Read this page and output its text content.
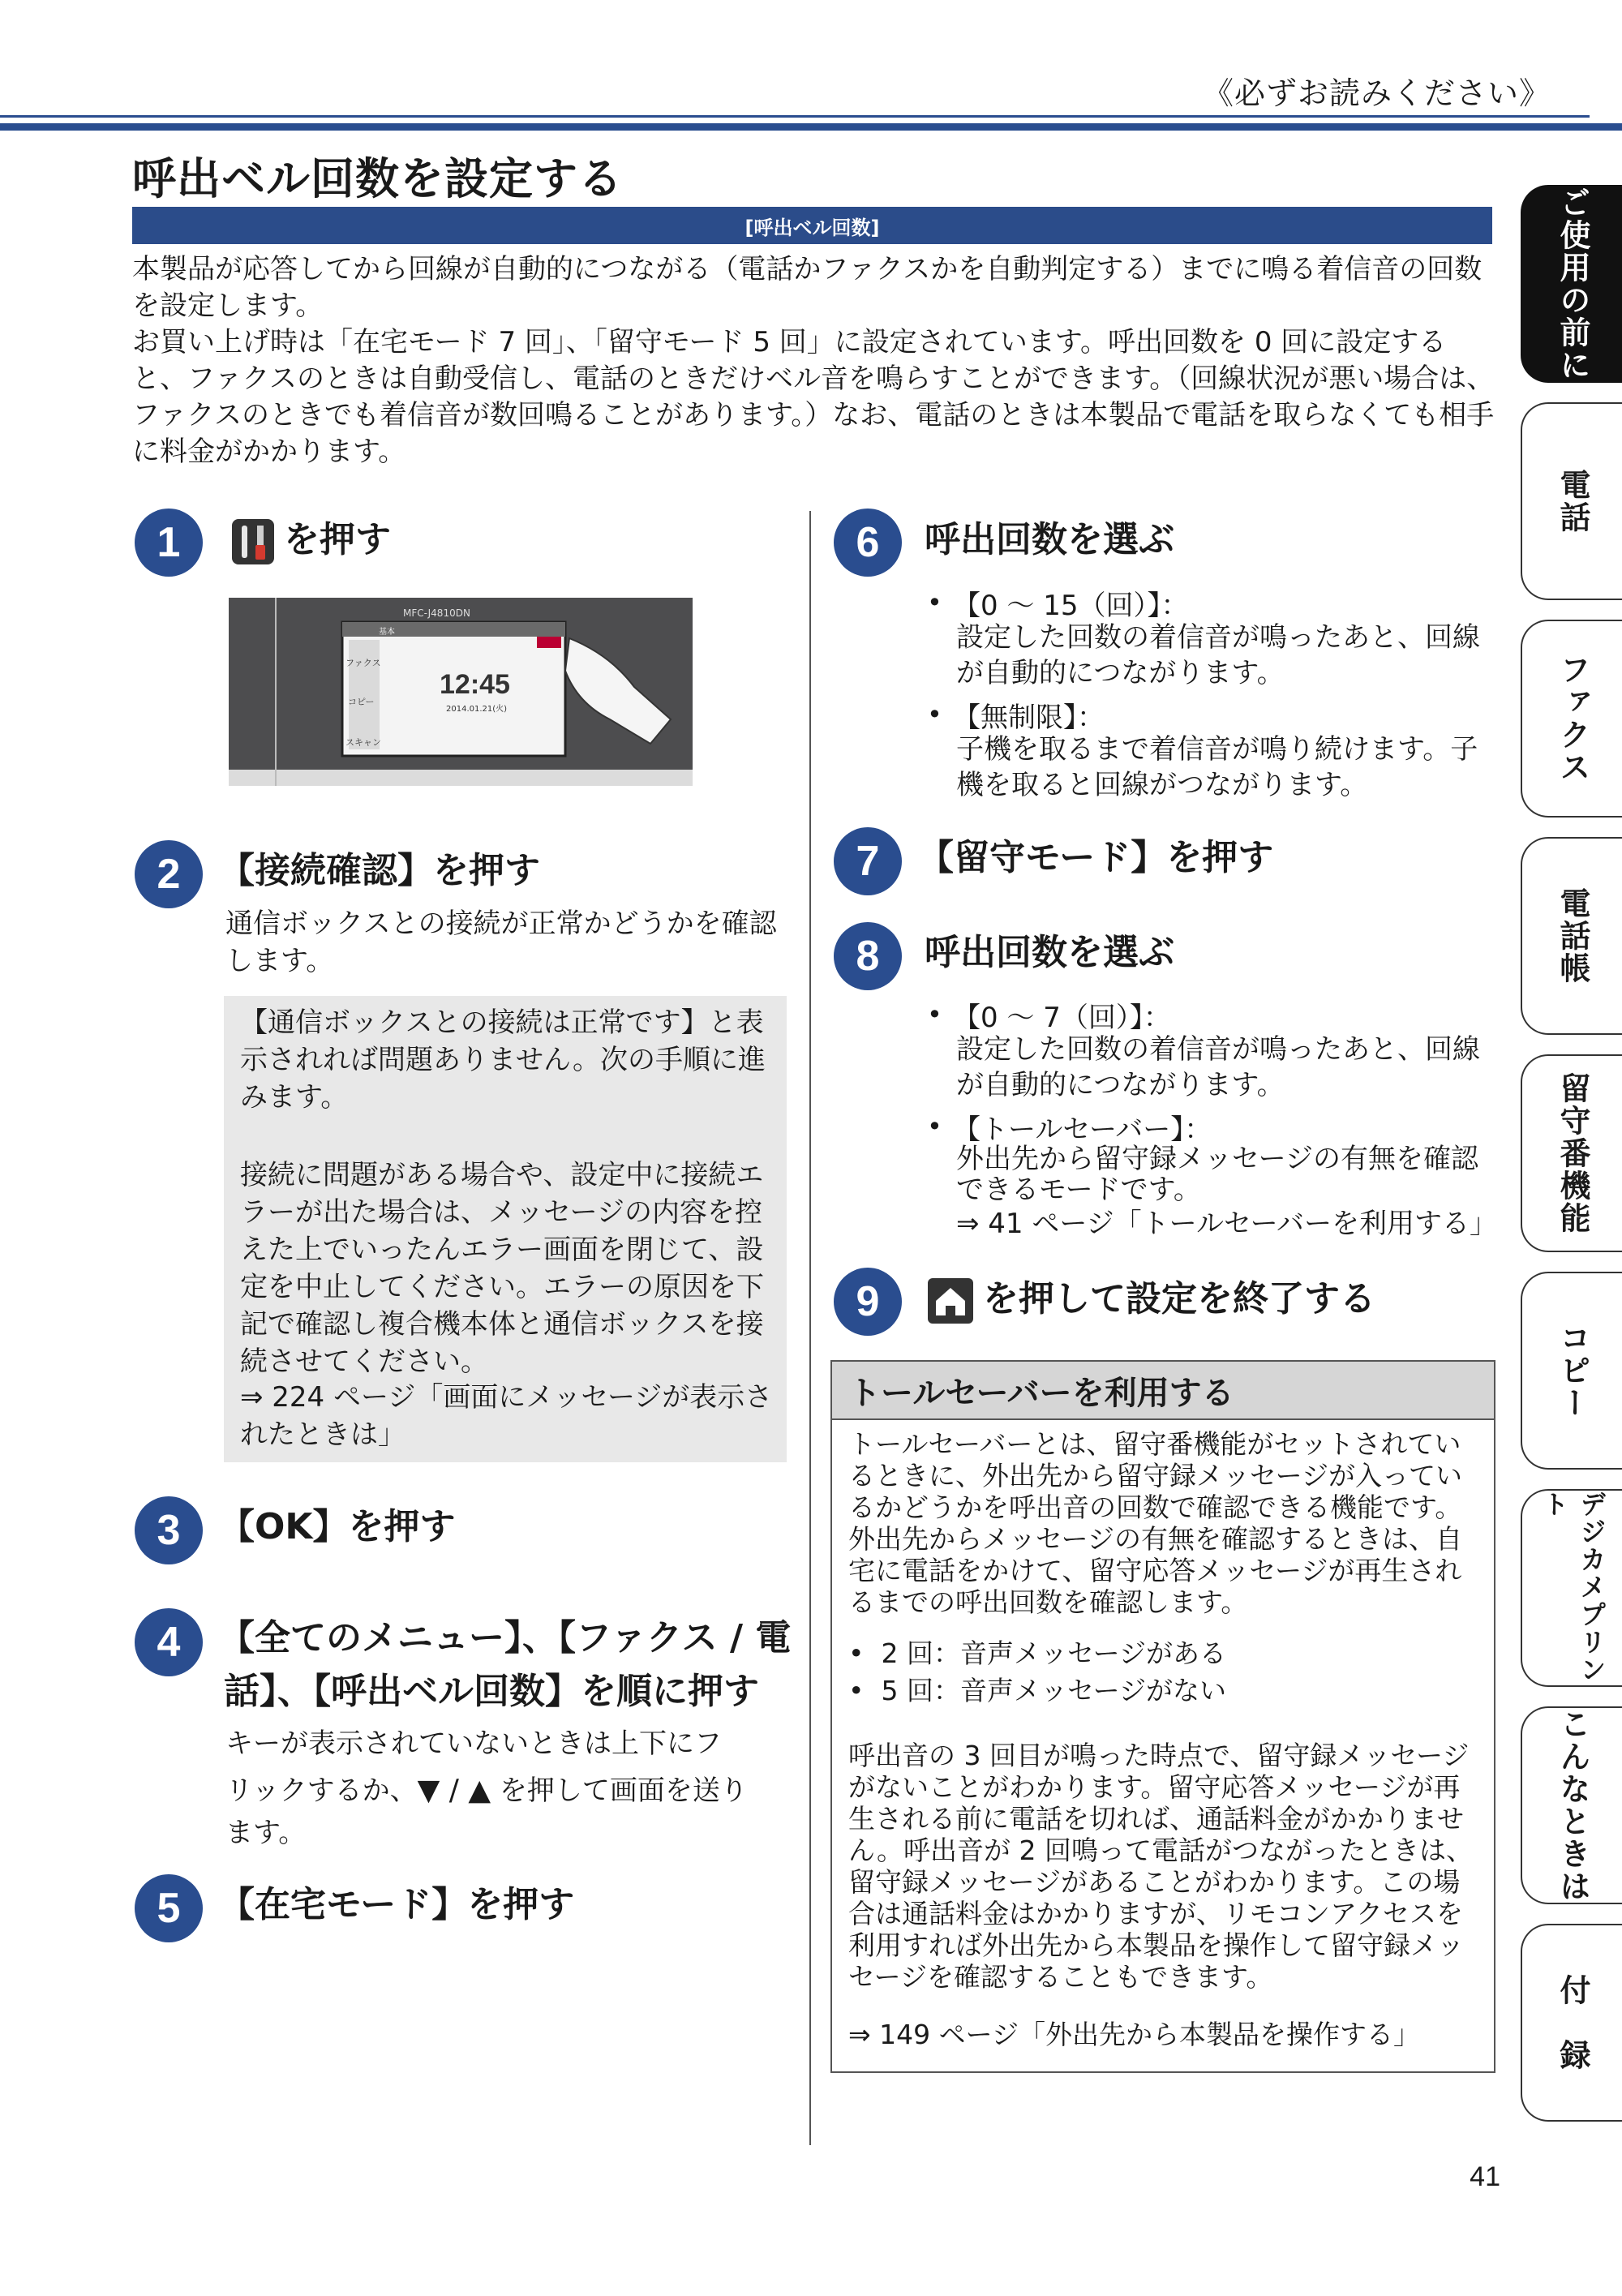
《必ずお読みください》
呼出ベル回数を設定する
[呼出ベル回数]

本製品が応答してから回線が自動的につながる（電話かファクスかを自動判定する）までに鳴る着信音の回数を設定します。

お買い上げ時は「在宅モード 7 回」、「留守モード 5 回」に設定されています。呼出回数を 0 回に設定すると、ファクスのときは自動受信し、電話のときだけベル音を鳴らすことができます。（回線状況が悪い場合は、ファクスのときでも着信音が数回鳴ることがあります。）なお、電話のときは本製品で電話を取らなくても相手に料金がかかります。

1	を押す
MFC-J4810DN
12:45
2014.01.21(火)
ファクス
コピー
スキャン
基本
2	【接続確認】を押す
通信ボックスとの接続が正常かどうかを確認します。
【通信ボックスとの接続は正常です】と表示されれば問題ありません。次の手順に進みます。
接続に問題がある場合や、設定中に接続エラーが出た場合は、メッセージの内容を控えた上でいったんエラー画面を閉じて、設定を中止してください。エラーの原因を下記で確認し複合機本体と通信ボックスを接続させてください。
⇒ 224 ページ「画面にメッセージが表示されたときは」
3	【OK】を押す
4	【全てのメニュー】、【ファクス / 電
話】、【呼出ベル回数】を順に押す
キーが表示されていないときは上下にフ
リックするか、▼ / ▲ を押して画面を送り
ます。
5	【在宅モード】を押す
6	呼出回数を選ぶ
• 【0 ～ 15（回）】：
設定した回数の着信音が鳴ったあと、回線が自動的につながります。
• 【無制限】：
子機を取るまで着信音が鳴り続けます。子機を取ると回線がつながります。
7	【留守モード】を押す
8	呼出回数を選ぶ
• 【0 ～ 7（回）】：
設定した回数の着信音が鳴ったあと、回線が自動的につながります。
• 【トールセーバー】：
外出先から留守録メッセージの有無を確認できるモードです。
⇒ 41 ページ「トールセーバーを利用する」
9	を押して設定を終了する
トールセーバーを利用する
トールセーバーとは、留守番機能がセットされているときに、外出先から留守録メッセージが入っているかどうかを呼出音の回数で確認できる機能です。外出先からメッセージの有無を確認するときは、自宅に電話をかけて、留守応答メッセージが再生されるまでの呼出回数を確認します。
•  2 回：音声メッセージがある
•  5 回：音声メッセージがない
呼出音の 3 回目が鳴った時点で、留守録メッセージがないことがわかります。留守応答メッセージが再生される前に電話を切れば、通話料金がかかりません。呼出音が 2 回鳴って電話がつながったときは、留守録メッセージがあることがわかります。この場合は通話料金はかかりますが、リモコンアクセスを利用すれば外出先から本製品を操作して留守録メッセージを確認することもできます。
⇒ 149 ページ「外出先から本製品を操作する」
ご使用の前に
電話
ファクス
電話帳
留守番機能
コピー
デジカメプリント
こんなときは
付　録
41
